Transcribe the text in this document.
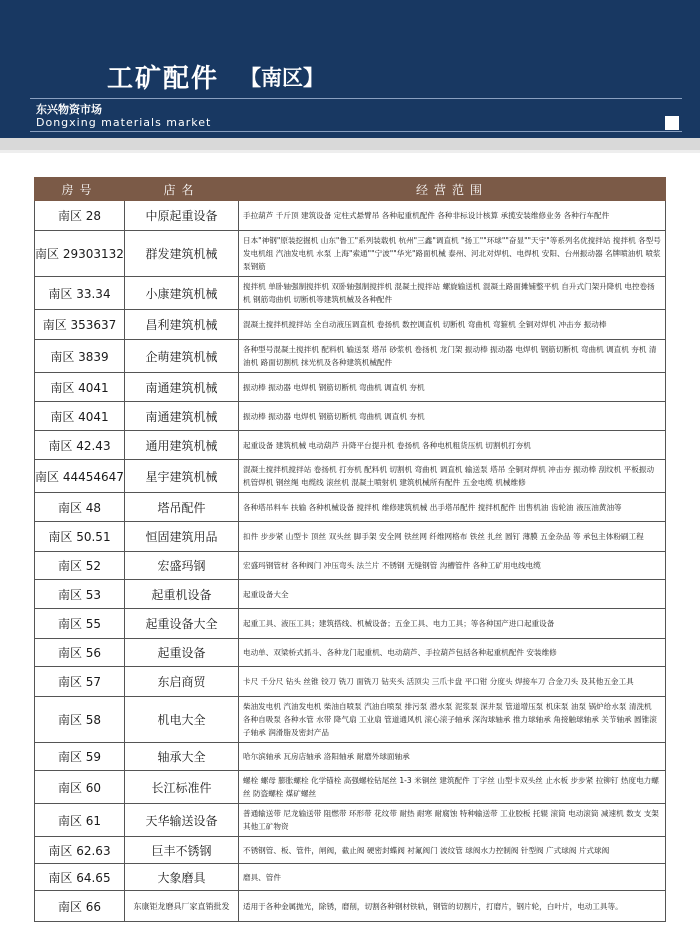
工矿配件 【南区】
东兴物资市场
Dongxing materials market
房号	店名	经营范围
南区 28	中原起重设备	手拉葫芦 千斤顶 建筑设备 定柱式悬臂吊 各种起重机配件 各种非标设计核算 承揽安装维修业务 各种行车配件
南区 29303132	群发建筑机械	日本"神钢"原装挖掘机 山东"鲁工"系列装载机 杭州"三鑫"调直机 "扬工""环球""奋显""天宇"等系列名优搅拌站 搅拌机 各型号发电机组 汽油发电机 水泵 上海"索通""宁波""华光"路面机械 泰州、河北对焊机、电焊机 安阳、台州振动器 名牌喷油机 喷浆泵钢筋
南区 33.34	小康建筑机械	搅拌机 单卧轴强制搅拌机 双卧轴强制搅拌机 混凝土搅拌站 螺旋输送机 混凝土路面摊铺整平机 自升式门架升降机 电控卷扬机 钢筋弯曲机 切断机等建筑机械及各种配件
南区 353637	昌利建筑机械	混凝土搅拌机搅拌站 全自动液压调直机 卷扬机 数控调直机 切断机 弯曲机 弯箍机 全铜对焊机 冲击夯 振动棒
南区 3839	企萌建筑机械	各种型号混凝土搅拌机 配料机 输送泵 塔吊 砂浆机 卷扬机 龙门架 振动棒 振动器 电焊机 钢筋切断机 弯曲机 调直机 夯机 清油机 路面切割机 抹光机及各种建筑机械配件
南区 4041	南通建筑机械	振动棒 振动器 电焊机 钢筋切断机 弯曲机 调直机 夯机
南区 4041	南通建筑机械	振动棒 振动器 电焊机 钢筋切断机 弯曲机 调直机 夯机
南区 42.43	通用建筑机械	起重设备 建筑机械 电动葫芦 升降平台提升机 卷扬机 各种电机粗货压机 切割机打夯机
南区 44454647	星宇建筑机械	混凝土搅拌机搅拌站 卷扬机 打夯机 配料机 切割机 弯曲机 调直机 输送泵 塔吊 全铜对焊机 冲击夯 振动棒 刮纹机 平板振动机管焊机 钢丝绳 电缆线 滚丝机 混凝土喷射机 建筑机械所有配件 五金电缆 机械维修
南区 48	塔吊配件	各种塔吊料车 扶输 各种机械设备 搅拌机 维修建筑机械 出手塔吊配件 搅拌机配件 出售机油 齿轮油 液压油黄油等
南区 50.51	恒固建筑用品	扣件 步步紧 山型卡 顶丝 双头丝 脚手架 安全网 铁丝网 纤维网格布 铁丝 扎丝 圆钉 薄膜 五金杂品 等 承包主体粉刷工程
南区 52	宏盛玛钢	宏盛玛钢管材 各种阀门 冲压弯头 法兰片 不锈钢 无缝钢管 沟槽管件 各种工矿用电线电缆
南区 53	起重机设备	起重设备大全
南区 55	起重设备大全	起重工具、液压工具；建筑搭线、机械设备；五金工具、电力工具；等各种国产进口起重设备
南区 56	起重设备	电动单、双梁桥式抓斗、各种龙门起重机、电动葫芦、手拉葫芦包括各种起重机配件 安装维修
南区 57	东启商贸	卡尺 千分尺 钻头 丝锥 铰刀 铣刀 面铣刀 钻夹头 活顶尖 三爪卡盘 平口钳 分度头 焊接车刀 合金刀头 及其他五金工具
南区 58	机电大全	柴油发电机 汽油发电机 柴油自喷泵 汽油自喷泵 排污泵 潜水泵 泥浆泵 深井泵 管道增压泵 机床泵 油泵 锅炉给水泵 清洗机 各种自吸泵 各种水管 水带 降气扇 工业扇 管道通风机 滚心滚子轴承 深沟球轴承 推力球轴承 角接触球轴承 关节轴承 圆锥滚子轴承 润滑脂及密封产品
南区 59	轴承大全	哈尔滨轴承 瓦房店轴承 洛阳轴承 耐磨外球面轴承
南区 60	长江标准件	螺栓 螺母 膨胀螺栓 化学锚栓 高强螺栓钻尾丝 1-3 米铜丝 建筑配件 丁字丝 山型卡双头丝 止水板 步步紧 拉铆钉 热度电力螺丝 防盗螺栓 煤矿螺丝
南区 61	天华输送设备	普通输送带 尼龙输送带 阻燃带 环形带 花纹带 耐热 耐寒 耐腐蚀 特种输送带 工业胶板 托辊 滚筒 电动滚筒 减速机 数支 支架其他工矿物资
南区 62.63	巨丰不锈钢	不锈钢管、板、管件，闸阀，截止阀 硬密封蝶阀 衬氟阀门 波纹管 球阀水力控制阀 针型阀 广式球阀 片式球阀
南区 64.65	大象磨具	磨具、管件
南区 66	东康钜龙磨具厂家直销批发	适用于各种金属抛光，除锈，磨削，切割各种钢材铁轨，钢管的切割片，打磨片，钢片轮，白叶片，电动工具等。
